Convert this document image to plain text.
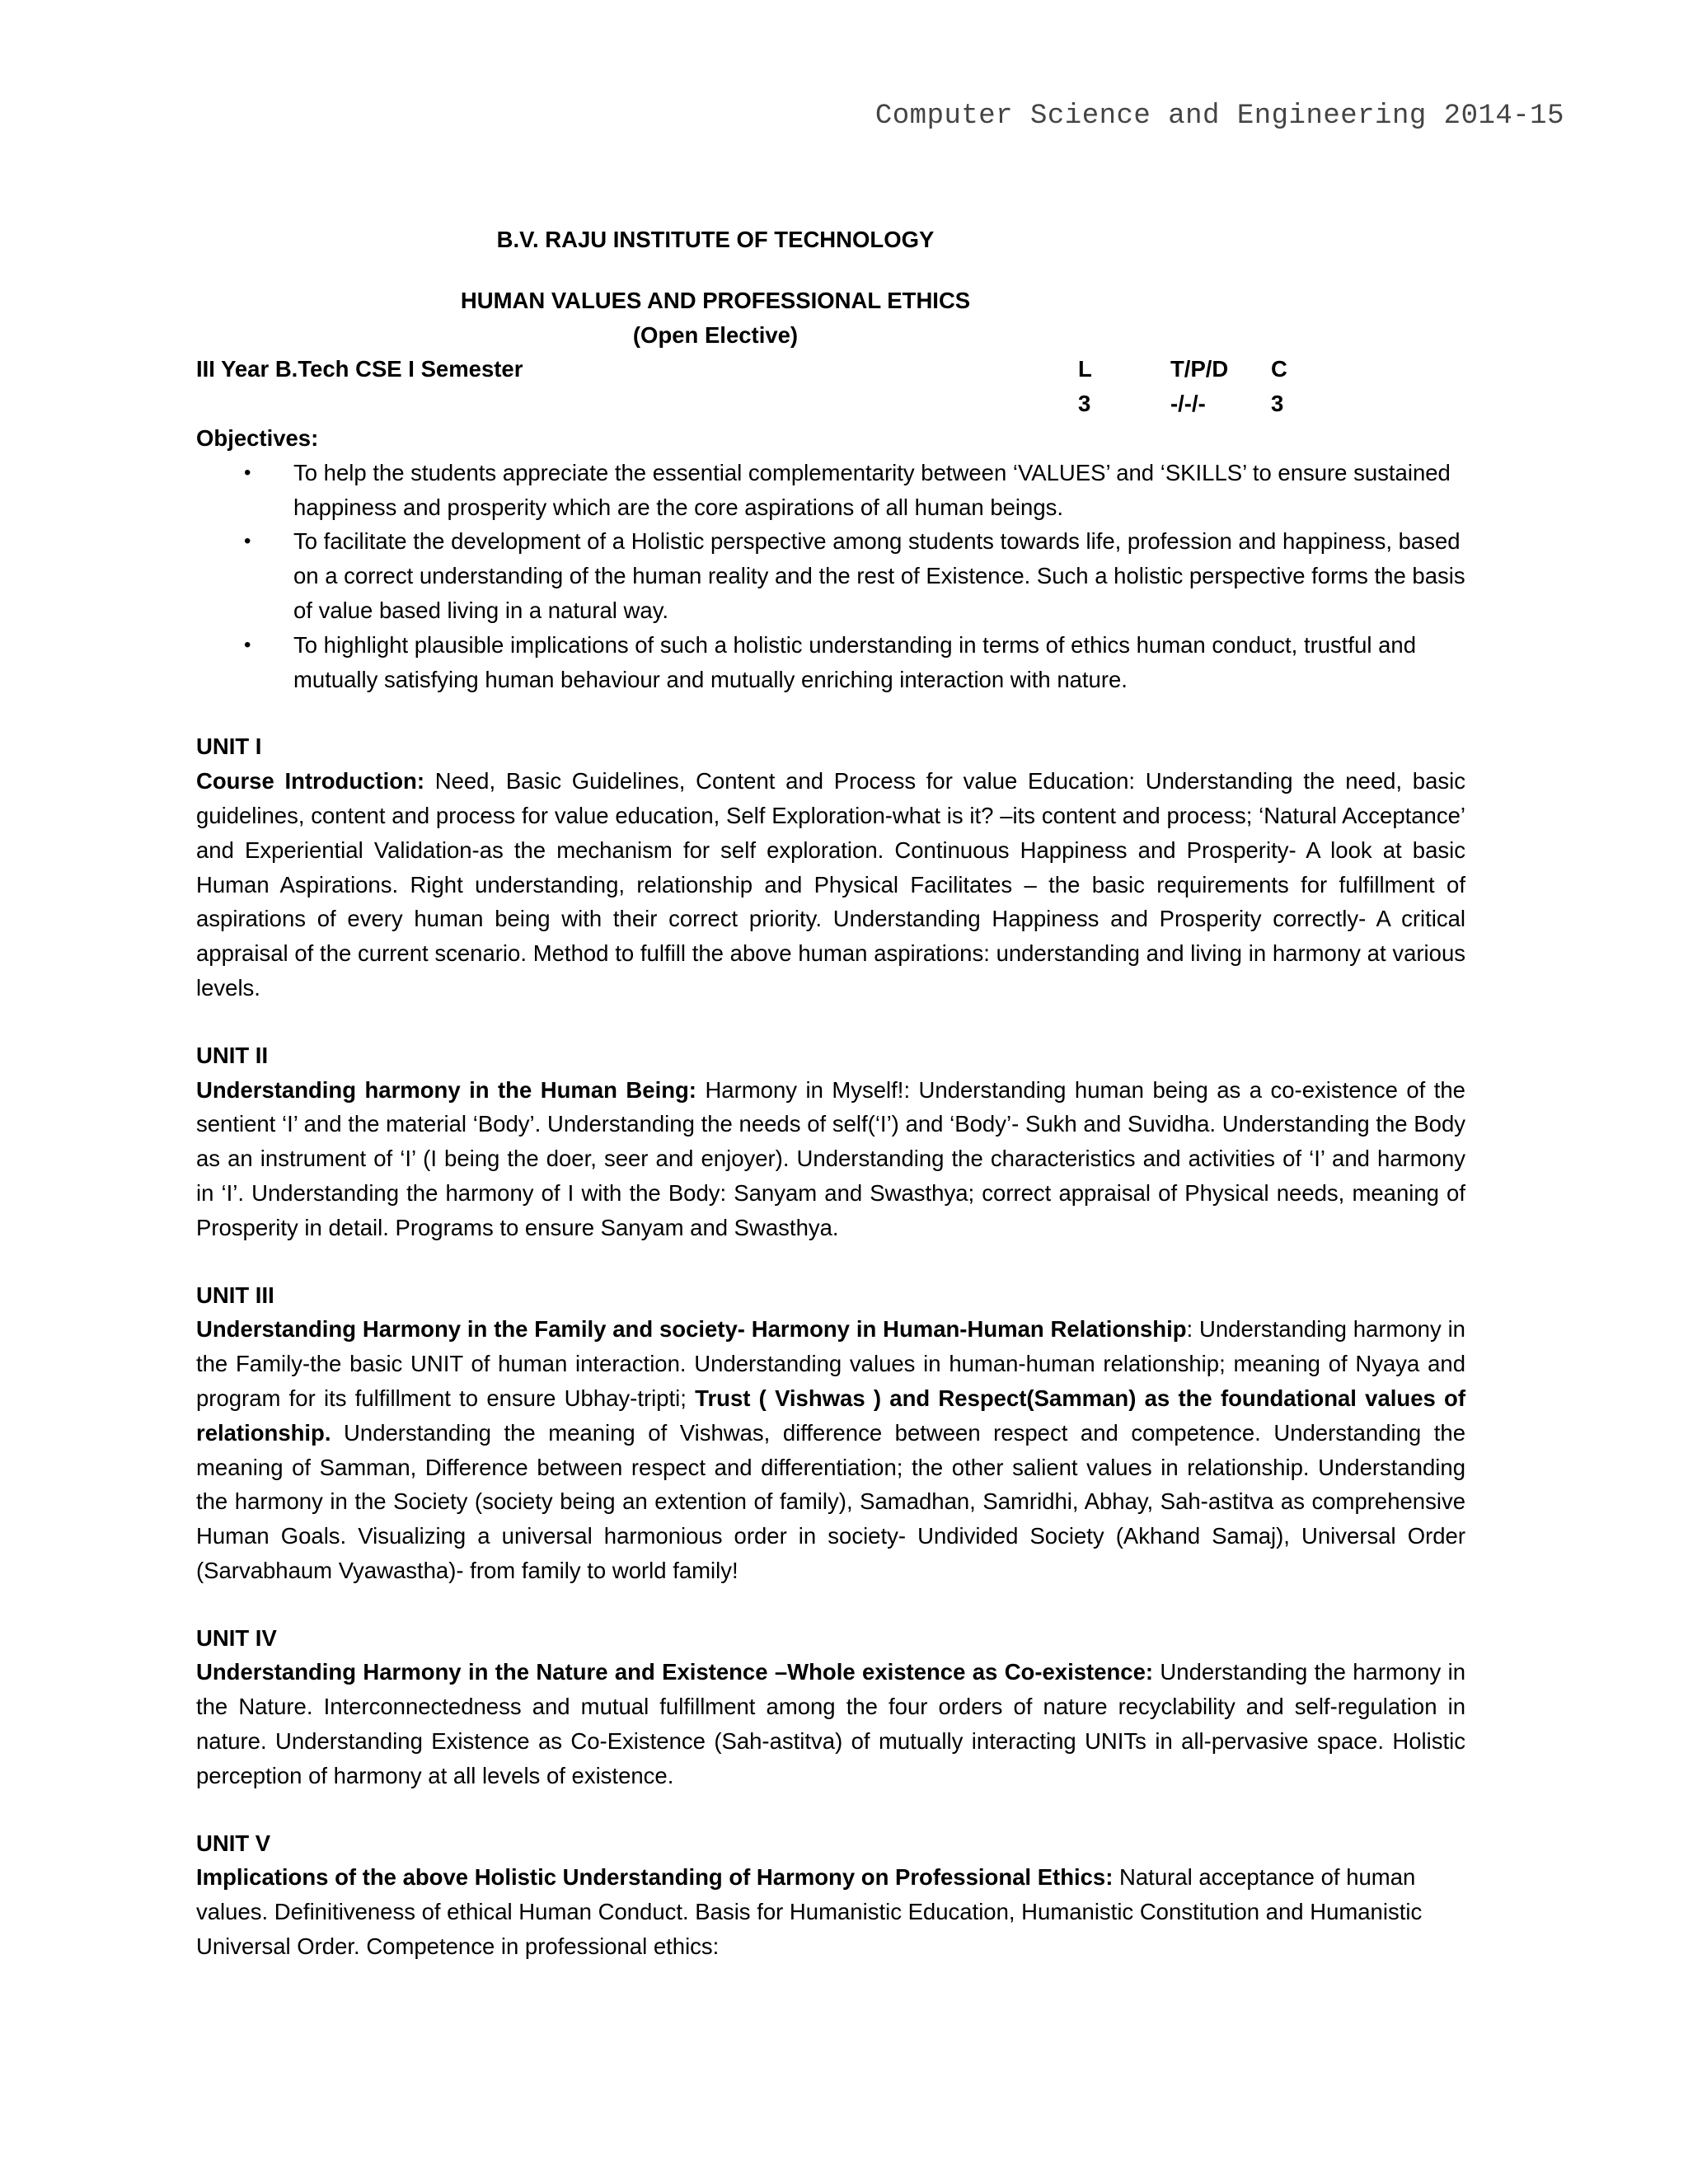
Computer Science and Engineering 2014-15
B.V. RAJU INSTITUTE OF TECHNOLOGY
HUMAN VALUES AND PROFESSIONAL ETHICS
(Open Elective)
III Year B.Tech CSE I Semester	L	T/P/D C
3	-/-/-	3
Objectives:
• To help the students appreciate the essential complementarity between ‘VALUES’ and ‘SKILLS’ to ensure sustained happiness and prosperity which are the core aspirations of all human beings.
• To facilitate the development of a Holistic perspective among students towards life, profession and happiness, based on a correct understanding of the human reality and the rest of Existence. Such a holistic perspective forms the basis of value based living in a natural way.
• To highlight plausible implications of such a holistic understanding in terms of ethics human conduct, trustful and mutually satisfying human behaviour and mutually enriching interaction with nature.
UNIT I
Course Introduction: Need, Basic Guidelines, Content and Process for value Education: Understanding the need, basic guidelines, content and process for value education, Self Exploration-what is it? –its content and process; ‘Natural Acceptance’ and Experiential Validation-as the mechanism for self exploration. Continuous Happiness and Prosperity- A look at basic Human Aspirations. Right understanding, relationship and Physical Facilitates – the basic requirements for fulfillment of aspirations of every human being with their correct priority. Understanding Happiness and Prosperity correctly- A critical appraisal of the current scenario. Method to fulfill the above human aspirations: understanding and living in harmony at various levels.
UNIT II
Understanding harmony in the Human Being: Harmony in Myself!: Understanding human being as a co-existence of the sentient ‘I’ and the material ‘Body’. Understanding the needs of self(‘I’) and ‘Body’- Sukh and Suvidha. Understanding the Body as an instrument of ‘I’ (I being the doer, seer and enjoyer). Understanding the characteristics and activities of ‘I’ and harmony in ‘I’. Understanding the harmony of I with the Body: Sanyam and Swasthya; correct appraisal of Physical needs, meaning of Prosperity in detail. Programs to ensure Sanyam and Swasthya.
UNIT III
Understanding Harmony in the Family and society- Harmony in Human-Human Relationship: Understanding harmony in the Family-the basic UNIT of human interaction. Understanding values in human-human relationship; meaning of Nyaya and program for its fulfillment to ensure Ubhay-tripti; Trust ( Vishwas ) and Respect(Samman) as the foundational values of relationship. Understanding the meaning of Vishwas, difference between respect and competence. Understanding the meaning of Samman, Difference between respect and differentiation; the other salient values in relationship. Understanding the harmony in the Society (society being an extention of family), Samadhan, Samridhi, Abhay, Sah-astitva as comprehensive Human Goals. Visualizing a universal harmonious order in society- Undivided Society (Akhand Samaj), Universal Order (Sarvabhaum Vyawastha)- from family to world family!
UNIT IV
Understanding Harmony in the Nature and Existence –Whole existence as Co-existence: Understanding the harmony in the Nature. Interconnectedness and mutual fulfillment among the four orders of nature recyclability and self-regulation in nature. Understanding Existence as Co-Existence (Sah-astitva) of mutually interacting UNITs in all-pervasive space. Holistic perception of harmony at all levels of existence.
UNIT V
Implications of the above Holistic Understanding of Harmony on Professional Ethics: Natural acceptance of human values. Definitiveness of ethical Human Conduct. Basis for Humanistic Education, Humanistic Constitution and Humanistic Universal Order. Competence in professional ethics:
